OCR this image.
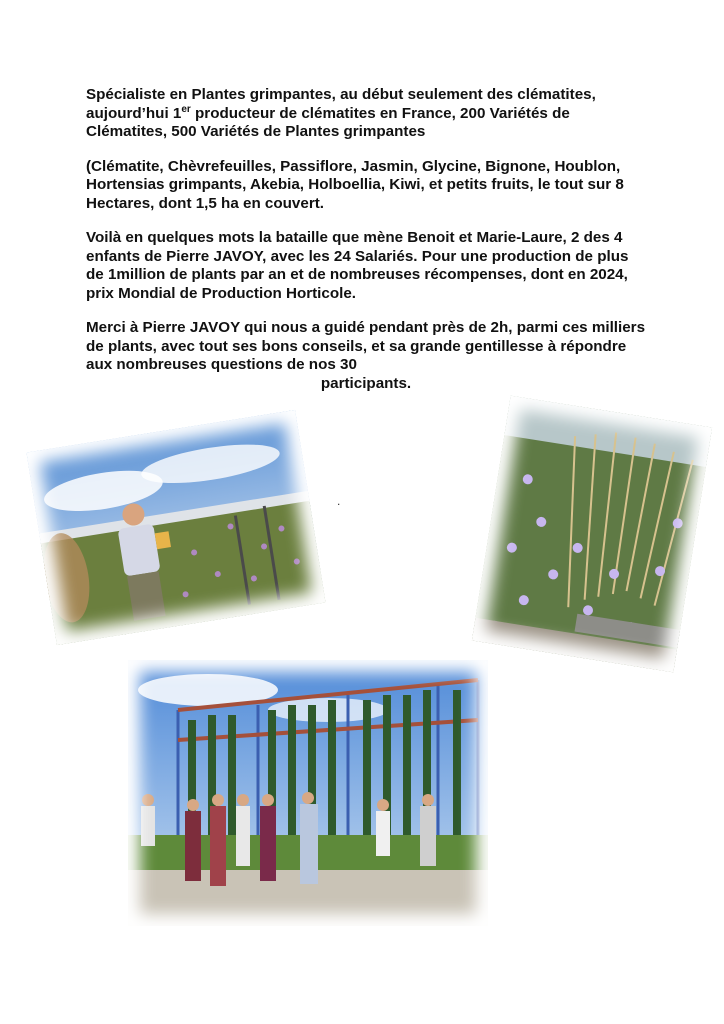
Spécialiste en Plantes grimpantes, au début seulement des clématites, aujourd’hui 1er producteur de clématites en France, 200 Variétés de Clématites, 500 Variétés de Plantes grimpantes

(Clématite, Chèvrefeuilles, Passiflore, Jasmin, Glycine, Bignone, Houblon, Hortensias grimpants, Akebia, Holboellia, Kiwi, et petits fruits, le tout sur 8 Hectares, dont 1,5 ha en couvert.

Voilà en quelques mots la bataille que mène Benoit et Marie-Laure, 2 des 4 enfants de Pierre JAVOY, avec les 24 Salariés. Pour une production de plus de 1million de plants par an et de nombreuses récompenses, dont en 2024, prix Mondial de Production Horticole.

Merci à Pierre JAVOY qui nous a guidé pendant près de 2h, parmi ces milliers de plants, avec tout ses bons conseils, et sa grande gentillesse à répondre aux nombreuses questions de nos 30
participants.

.
